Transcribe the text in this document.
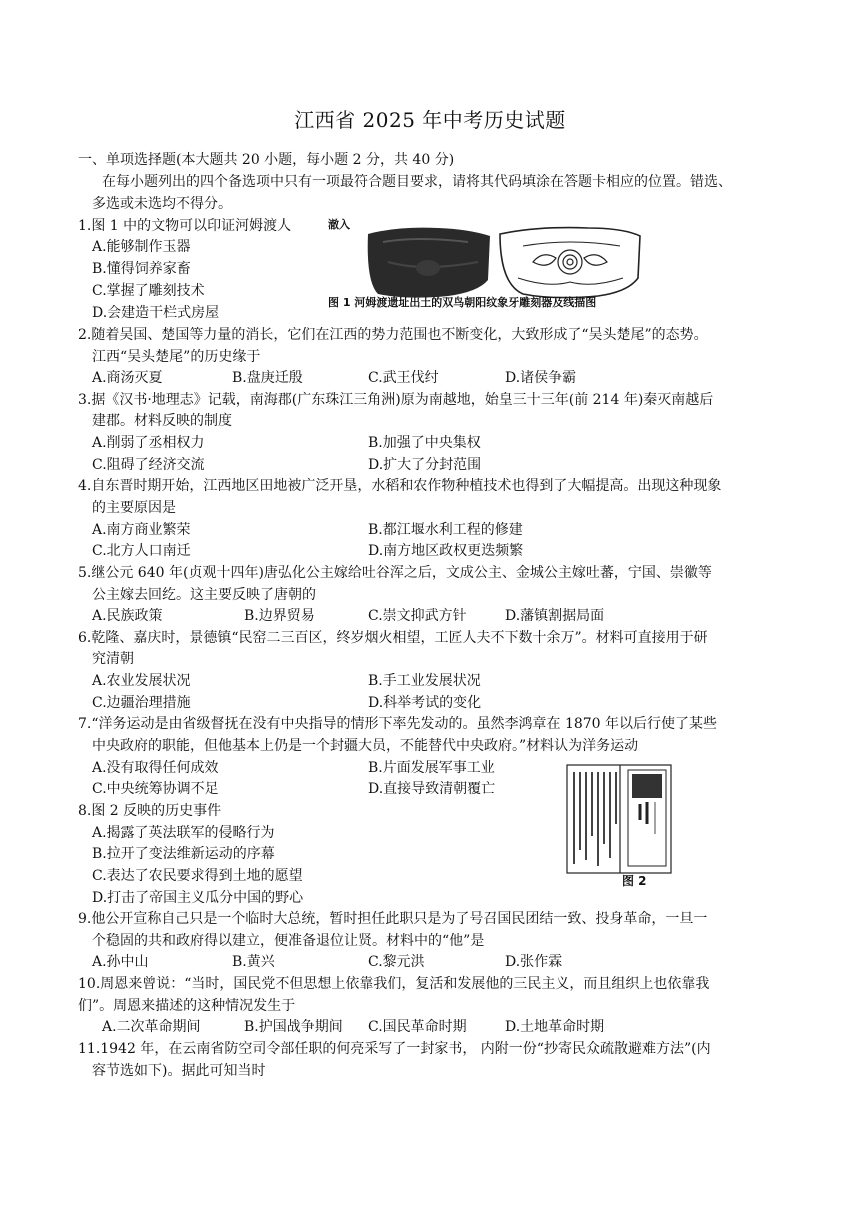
江西省 2025 年中考历史试题
一、单项选择题(本大题共 20 小题，每小题 2 分，共 40 分)
在每小题列出的四个备选项中只有一项最符合题目要求，请将其代码填涂在答题卡相应的位置。错选、
多选或未选均不得分。
1.图 1 中的文物可以印证河姆渡人
A.能够制作玉器
B.懂得饲养家畜
C.掌握了雕刻技术
D.会建造干栏式房屋
澈入
图 1 河姆渡遗址出土的双鸟朝阳纹象牙雕刻器及线描图
2.随着吴国、楚国等力量的消长，它们在江西的势力范围也不断变化，大致形成了“吴头楚尾”的态势。
江西“吴头楚尾”的历史缘于
A.商汤灭夏	B.盘庚迁殷	C.武王伐纣	D.诸侯争霸
3.据《汉书·地理志》记载，南海郡(广东珠江三角洲)原为南越地，始皇三十三年(前 214 年)秦灭南越后
建郡。材料反映的制度
A.削弱了丞相权力	B.加强了中央集权
C.阻碍了经济交流	D.扩大了分封范围
4.自东晋时期开始，江西地区田地被广泛开垦，水稻和农作物种植技术也得到了大幅提高。出现这种现象
的主要原因是
A.南方商业繁荣	B.都江堰水利工程的修建
C.北方人口南迁	D.南方地区政权更迭频繁
5.继公元 640 年(贞观十四年)唐弘化公主嫁给吐谷浑之后，文成公主、金城公主嫁吐蕃，宁国、崇徽等
公主嫁去回纥。这主要反映了唐朝的
A.民族政策	B.边界贸易	C.崇文抑武方针	D.藩镇割据局面
6.乾隆、嘉庆时，景德镇“民窑二三百区，终岁烟火相望，工匠人夫不下数十余万”。材料可直接用于研
究清朝
A.农业发展状况	B.手工业发展状况
C.边疆治理措施	D.科举考试的变化
7.“洋务运动是由省级督抚在没有中央指导的情形下率先发动的。虽然李鸿章在 1870 年以后行使了某些
中央政府的职能，但他基本上仍是一个封疆大员，不能替代中央政府。”材料认为洋务运动
A.没有取得任何成效	B.片面发展军事工业
C.中央统筹协调不足	D.直接导致清朝覆亡
图 2
8.图 2 反映的历史事件
A.揭露了英法联军的侵略行为
B.拉开了变法维新运动的序幕
C.表达了农民要求得到土地的愿望
D.打击了帝国主义瓜分中国的野心
9.他公开宣称自己只是一个临时大总统，暂时担任此职只是为了号召国民团结一致、投身革命，一旦一
个稳固的共和政府得以建立，便准备退位让贤。材料中的“他”是
A.孙中山	B.黄兴	C.黎元洪	D.张作霖
10.周恩来曾说：“当时，国民党不但思想上依靠我们，复活和发展他的三民主义，而且组织上也依靠我
们”。周恩来描述的这种情况发生于
A.二次革命期间	B.护国战争期间 C.国民革命时期	D.土地革命时期
11.1942 年，在云南省防空司令部任职的何亮采写了一封家书， 内附一份“抄寄民众疏散避难方法”(内
容节选如下)。据此可知当时
